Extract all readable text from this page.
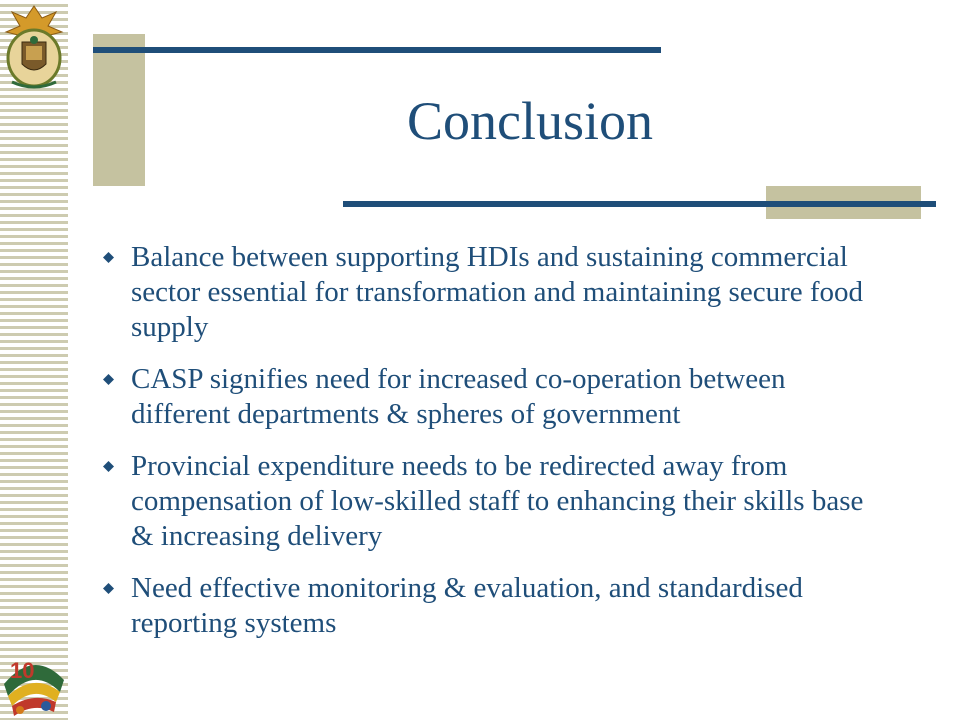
Conclusion
Balance between supporting HDIs and sustaining commercial sector essential for transformation and maintaining secure food supply
CASP signifies need for increased co-operation between different departments & spheres of government
Provincial expenditure needs to be redirected away from compensation of low-skilled staff to enhancing their skills base & increasing delivery
Need effective monitoring & evaluation, and standardised reporting systems
10
